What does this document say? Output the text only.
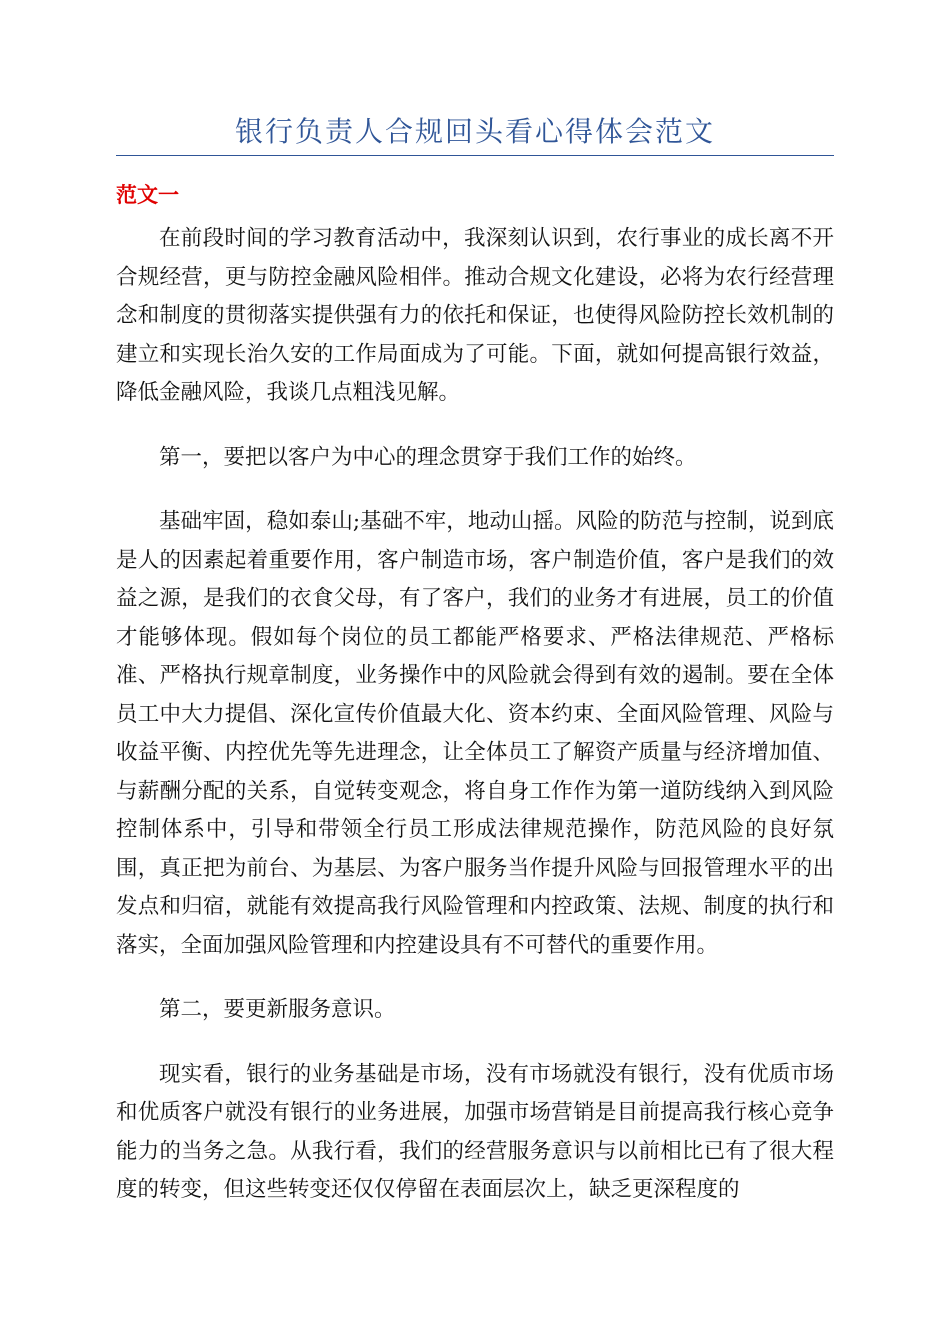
银行负责人合规回头看心得体会范文
范文一

在前段时间的学习教育活动中，我深刻认识到，农行事业的成长离不开合规经营，更与防控金融风险相伴。推动合规文化建设，必将为农行经营理念和制度的贯彻落实提供强有力的依托和保证，也使得风险防控长效机制的建立和实现长治久安的工作局面成为了可能。下面，就如何提高银行效益，降低金融风险，我谈几点粗浅见解。

第一，要把以客户为中心的理念贯穿于我们工作的始终。

基础牢固，稳如泰山;基础不牢，地动山摇。风险的防范与控制，说到底是人的因素起着重要作用，客户制造市场，客户制造价值，客户是我们的效益之源，是我们的衣食父母，有了客户，我们的业务才有进展，员工的价值才能够体现。假如每个岗位的员工都能严格要求、严格法律规范、严格标准、严格执行规章制度，业务操作中的风险就会得到有效的遏制。要在全体员工中大力提倡、深化宣传价值最大化、资本约束、全面风险管理、风险与收益平衡、内控优先等先进理念，让全体员工了解资产质量与经济增加值、与薪酬分配的关系，自觉转变观念，将自身工作作为第一道防线纳入到风险控制体系中，引导和带领全行员工形成法律规范操作，防范风险的良好氛围，真正把为前台、为基层、为客户服务当作提升风险与回报管理水平的出发点和归宿，就能有效提高我行风险管理和内控政策、法规、制度的执行和落实，全面加强风险管理和内控建设具有不可替代的重要作用。

第二，要更新服务意识。

现实看，银行的业务基础是市场，没有市场就没有银行，没有优质市场和优质客户就没有银行的业务进展，加强市场营销是目前提高我行核心竞争能力的当务之急。从我行看，我们的经营服务意识与以前相比已有了很大程度的转变，但这些转变还仅仅停留在表面层次上，缺乏更深程度的
